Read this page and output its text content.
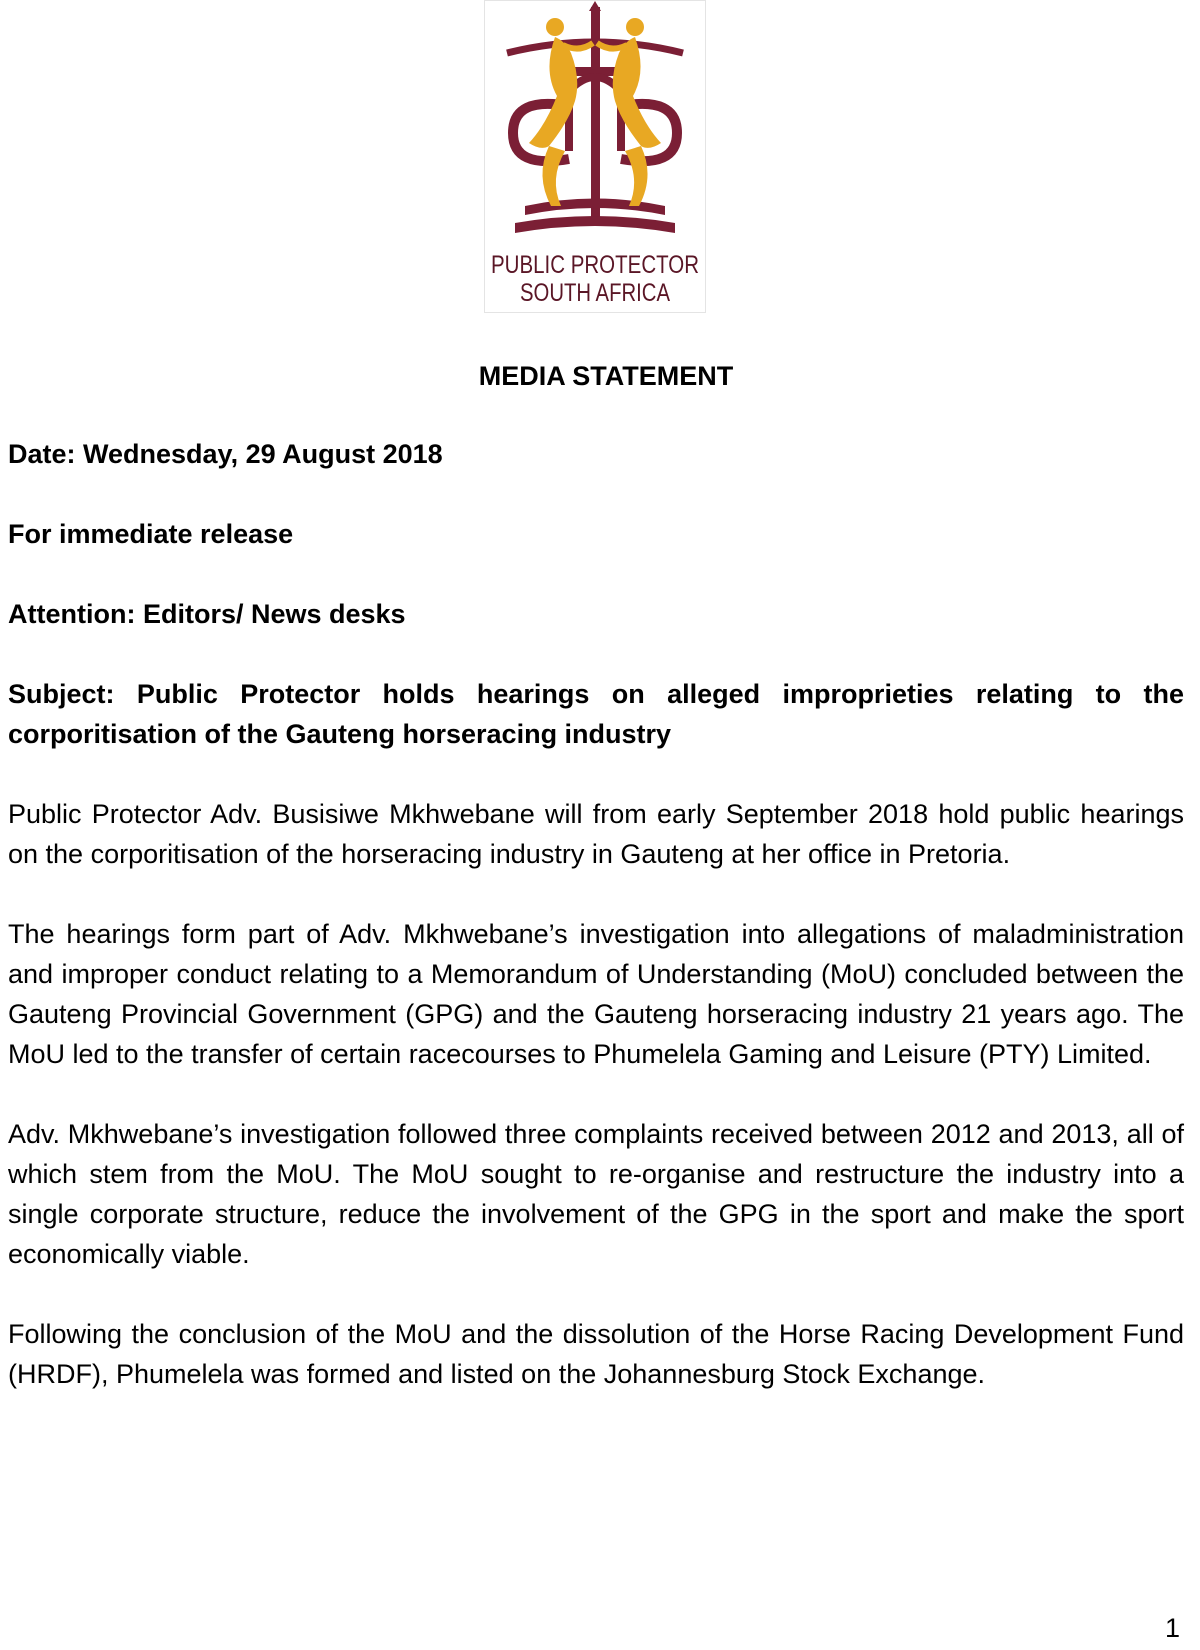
PUBLIC PROTECTOR
SOUTH AFRICA
MEDIA STATEMENT

Date: Wednesday, 29 August 2018

For immediate release

Attention: Editors/ News desks

Subject: Public Protector holds hearings on alleged improprieties relating to the corporitisation of the Gauteng horseracing industry

Public Protector Adv. Busisiwe Mkhwebane will from early September 2018 hold public hearings on the corporitisation of the horseracing industry in Gauteng at her office in Pretoria.

The hearings form part of Adv. Mkhwebane’s investigation into allegations of maladministration and improper conduct relating to a Memorandum of Understanding (MoU) concluded between the Gauteng Provincial Government (GPG) and the Gauteng horseracing industry 21 years ago. The MoU led to the transfer of certain racecourses to Phumelela Gaming and Leisure (PTY) Limited.

Adv. Mkhwebane’s investigation followed three complaints received between 2012 and 2013, all of which stem from the MoU. The MoU sought to re-organise and restructure the industry into a single corporate structure, reduce the involvement of the GPG in the sport and make the sport economically viable.

Following the conclusion of the MoU and the dissolution of the Horse Racing Development Fund (HRDF), Phumelela was formed and listed on the Johannesburg Stock Exchange.

1
